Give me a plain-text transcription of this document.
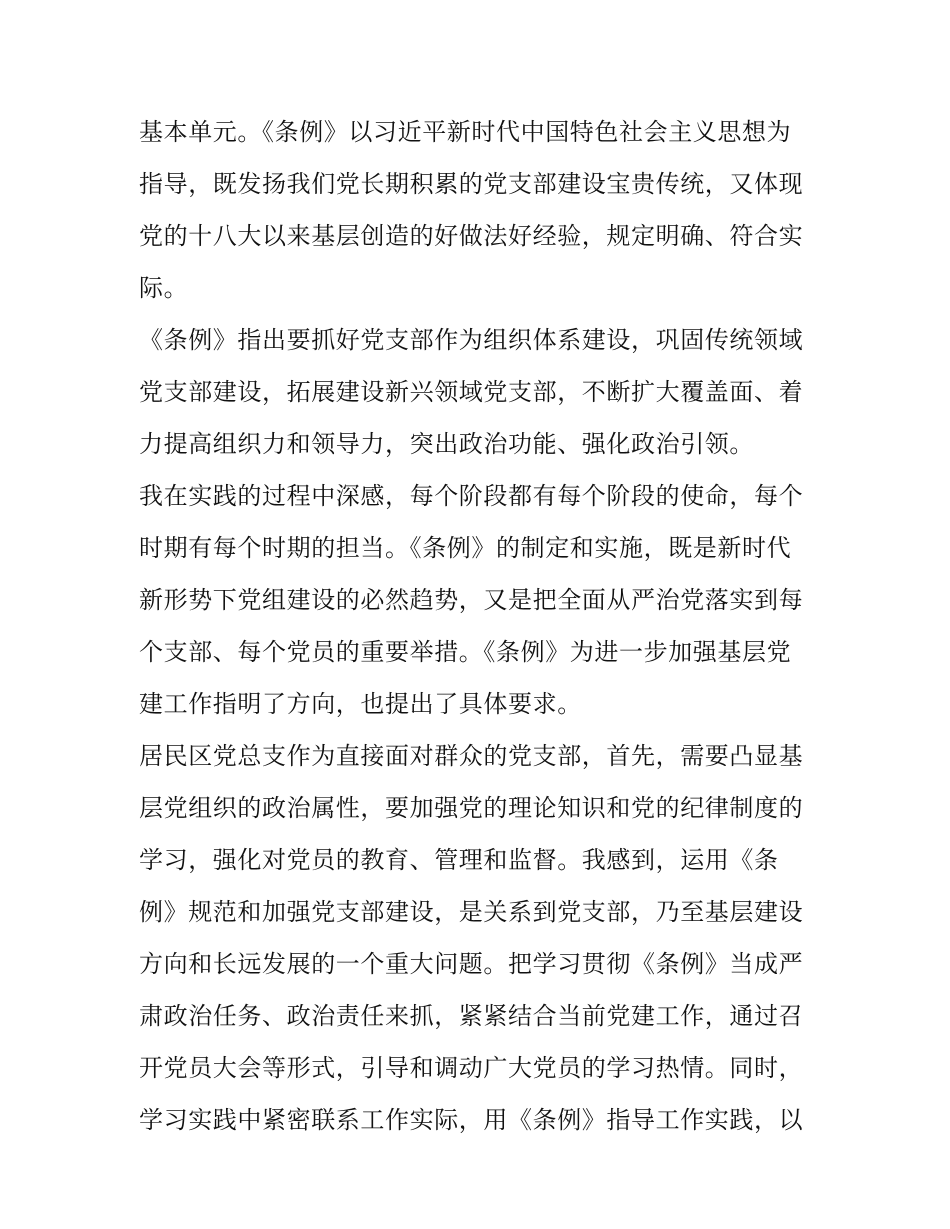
基本单元。《条例》以习近平新时代中国特色社会主义思想为
指导，既发扬我们党长期积累的党支部建设宝贵传统，又体现
党的十八大以来基层创造的好做法好经验，规定明确、符合实
际。
《条例》指出要抓好党支部作为组织体系建设，巩固传统领域
党支部建设，拓展建设新兴领域党支部，不断扩大覆盖面、着
力提高组织力和领导力，突出政治功能、强化政治引领。
我在实践的过程中深感，每个阶段都有每个阶段的使命，每个
时期有每个时期的担当。《条例》的制定和实施，既是新时代
新形势下党组建设的必然趋势，又是把全面从严治党落实到每
个支部、每个党员的重要举措。《条例》为进一步加强基层党
建工作指明了方向，也提出了具体要求。
居民区党总支作为直接面对群众的党支部，首先，需要凸显基
层党组织的政治属性，要加强党的理论知识和党的纪律制度的
学习，强化对党员的教育、管理和监督。我感到，运用《条
例》规范和加强党支部建设，是关系到党支部，乃至基层建设
方向和长远发展的一个重大问题。把学习贯彻《条例》当成严
肃政治任务、政治责任来抓，紧紧结合当前党建工作，通过召
开党员大会等形式，引导和调动广大党员的学习热情。同时，
学习实践中紧密联系工作实际，用《条例》指导工作实践，以
